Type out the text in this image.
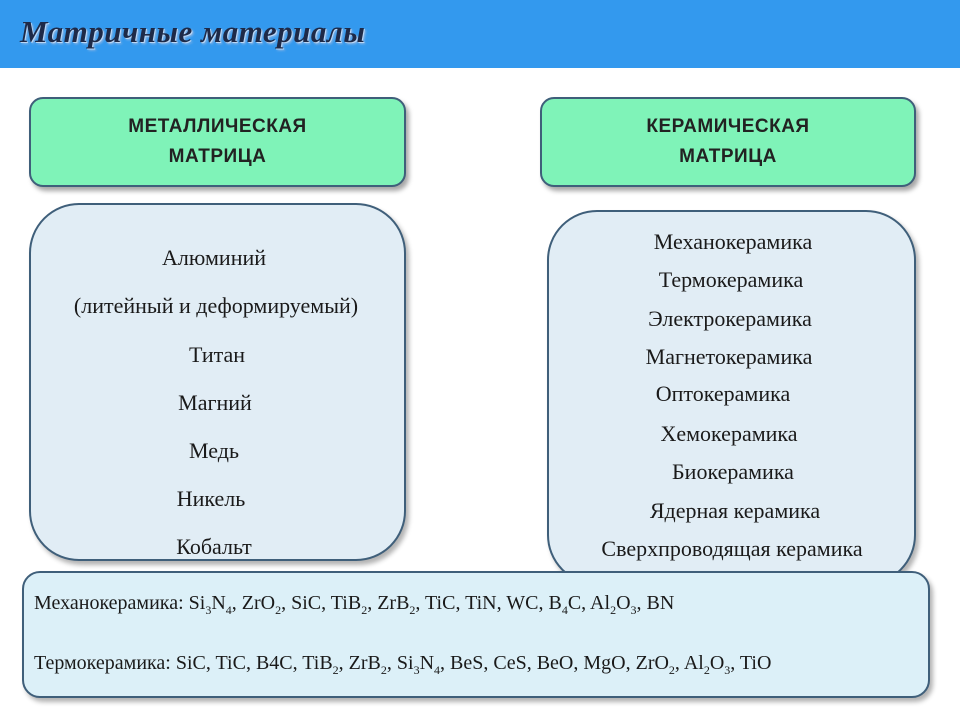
Матричные материалы
МЕТАЛЛИЧЕСКАЯ
МАТРИЦА
КЕРАМИЧЕСКАЯ
МАТРИЦА
Алюминий
(литейный и деформируемый)
Титан
Магний
Медь
Никель
Кобальт
Механокерамика
Термокерамика
Электрокерамика
Магнетокерамика
Оптокерамика
Хемокерамика
Биокерамика
Ядерная керамика
Сверхпроводящая керамика
Механокерамика: $Si_3N_4$, ZrO$_2$, SiC, TiB$_2$, ZrB$_2$, TiC, TiN, WC, $B_4C$, $Al_2O_3$, BN
Термокерамика: SiC, TiC, B4C, TiB$_2$, ZrB$_2$, $Si_3N_4$, BeS, CeS, BeO, MgO, ZrO$_2$, $Al_2O_3$, TiO
